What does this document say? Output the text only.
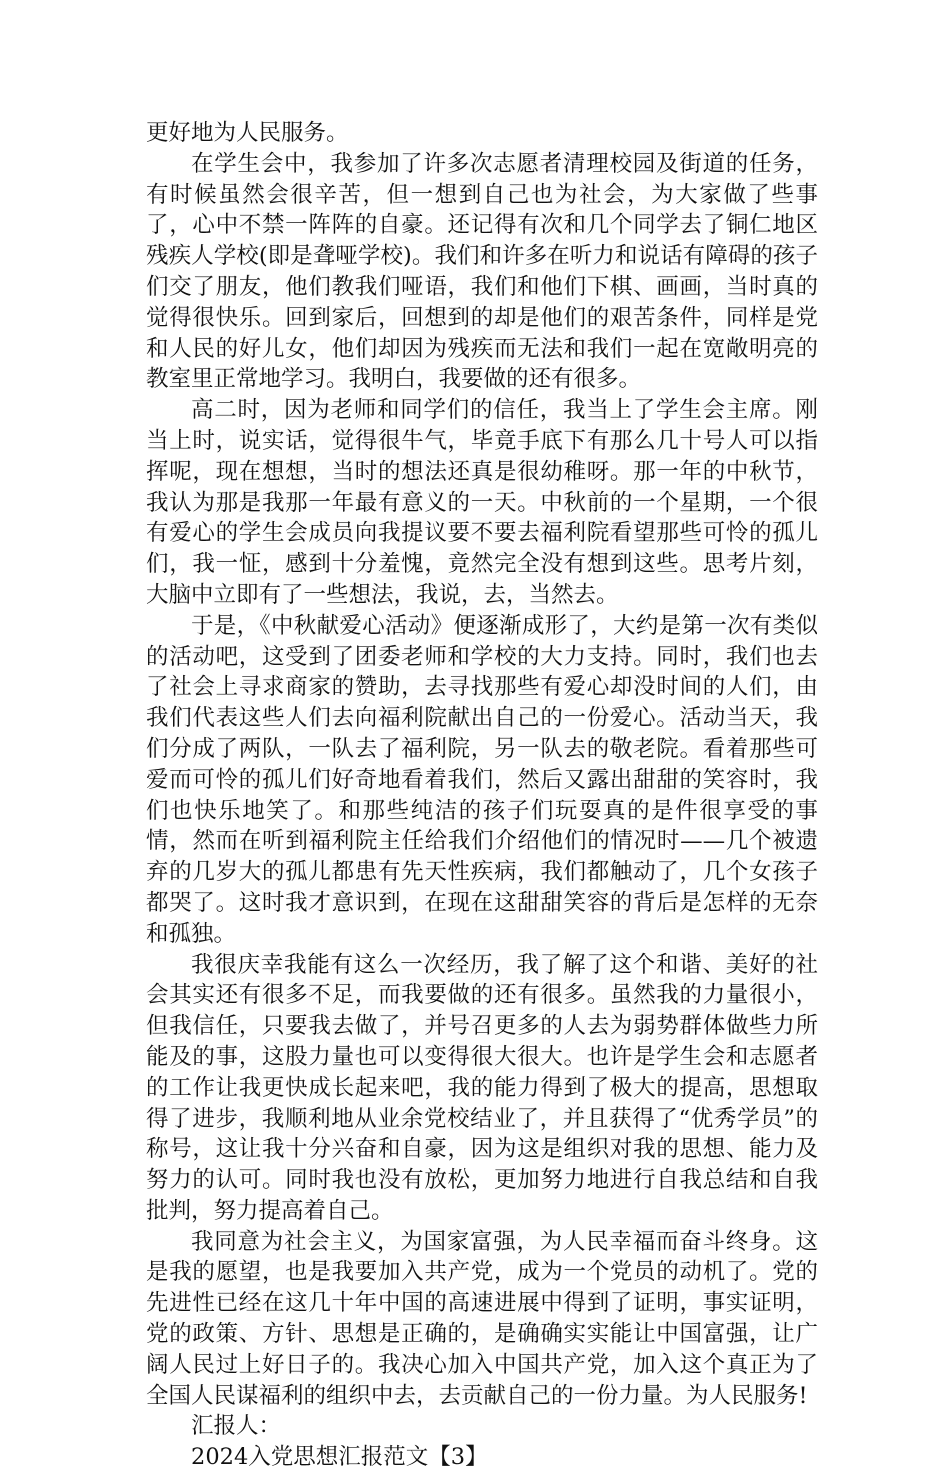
更好地为人民服务。

在学生会中，我参加了许多次志愿者清理校园及街道的任务，有时候虽然会很辛苦，但一想到自己也为社会，为大家做了些事了，心中不禁一阵阵的自豪。还记得有次和几个同学去了铜仁地区残疾人学校(即是聋哑学校)。我们和许多在听力和说话有障碍的孩子们交了朋友，他们教我们哑语，我们和他们下棋、画画，当时真的觉得很快乐。回到家后，回想到的却是他们的艰苦条件，同样是党和人民的好儿女，他们却因为残疾而无法和我们一起在宽敞明亮的教室里正常地学习。我明白，我要做的还有很多。

高二时，因为老师和同学们的信任，我当上了学生会主席。刚当上时，说实话，觉得很牛气，毕竟手底下有那么几十号人可以指挥呢，现在想想，当时的想法还真是很幼稚呀。那一年的中秋节，我认为那是我那一年最有意义的一天。中秋前的一个星期，一个很有爱心的学生会成员向我提议要不要去福利院看望那些可怜的孤儿们，我一怔，感到十分羞愧，竟然完全没有想到这些。思考片刻，大脑中立即有了一些想法，我说，去，当然去。

于是，《中秋献爱心活动》便逐渐成形了，大约是第一次有类似的活动吧，这受到了团委老师和学校的大力支持。同时，我们也去了社会上寻求商家的赞助，去寻找那些有爱心却没时间的人们，由我们代表这些人们去向福利院献出自己的一份爱心。活动当天，我们分成了两队，一队去了福利院，另一队去的敬老院。看着那些可爱而可怜的孤儿们好奇地看着我们，然后又露出甜甜的笑容时，我们也快乐地笑了。和那些纯洁的孩子们玩耍真的是件很享受的事情，然而在听到福利院主任给我们介绍他们的情况时——几个被遗弃的几岁大的孤儿都患有先天性疾病，我们都触动了，几个女孩子都哭了。这时我才意识到，在现在这甜甜笑容的背后是怎样的无奈和孤独。

我很庆幸我能有这么一次经历，我了解了这个和谐、美好的社会其实还有很多不足，而我要做的还有很多。虽然我的力量很小，但我信任，只要我去做了，并号召更多的人去为弱势群体做些力所能及的事，这股力量也可以变得很大很大。也许是学生会和志愿者的工作让我更快成长起来吧，我的能力得到了极大的提高，思想取得了进步，我顺利地从业余党校结业了，并且获得了“优秀学员”的称号，这让我十分兴奋和自豪，因为这是组织对我的思想、能力及努力的认可。同时我也没有放松，更加努力地进行自我总结和自我批判，努力提高着自己。

我同意为社会主义，为国家富强，为人民幸福而奋斗终身。这是我的愿望，也是我要加入共产党，成为一个党员的动机了。党的先进性已经在这几十年中国的高速进展中得到了证明，事实证明，党的政策、方针、思想是正确的，是确确实实能让中国富强，让广阔人民过上好日子的。我决心加入中国共产党，加入这个真正为了全国人民谋福利的组织中去，去贡献自己的一份力量。为人民服务!

汇报人：

2024入党思想汇报范文【3】
